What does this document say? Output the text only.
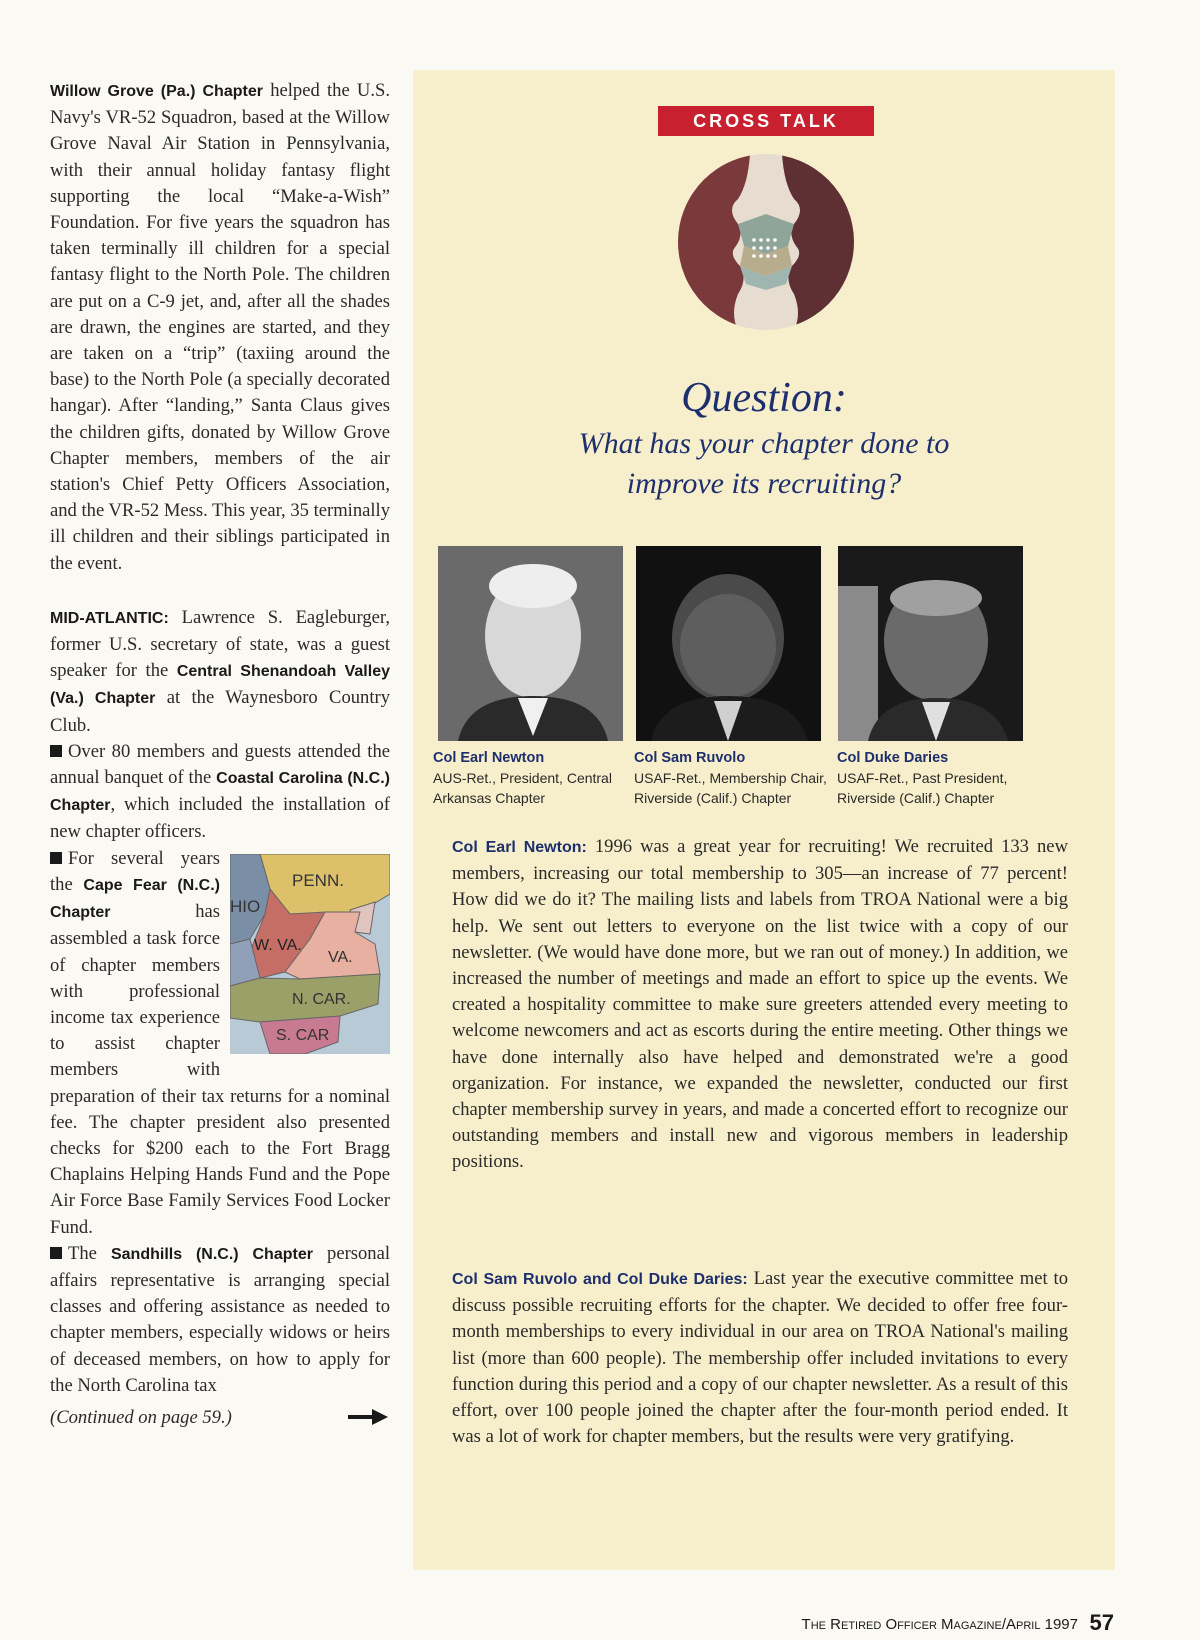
Willow Grove (Pa.) Chapter helped the U.S. Navy's VR-52 Squadron, based at the Willow Grove Naval Air Station in Pennsylvania, with their annual holiday fantasy flight supporting the local “Make-a-Wish” Foundation. For five years the squadron has taken terminally ill children for a special fantasy flight to the North Pole. The children are put on a C-9 jet, and, after all the shades are drawn, the engines are started, and they are taken on a “trip” (taxiing around the base) to the North Pole (a specially decorated hangar). After “landing,” Santa Claus gives the children gifts, donated by Willow Grove Chapter members, members of the air station's Chief Petty Officers Association, and the VR-52 Mess. This year, 35 terminally ill children and their siblings participated in the event.

MID-ATLANTIC: Lawrence S. Eagleburger, former U.S. secretary of state, was a guest speaker for the Central Shenandoah Valley (Va.) Chapter at the Waynesboro Country Club.

Over 80 members and guests attended the annual banquet of the Coastal Carolina (N.C.) Chapter, which included the installation of new chapter officers.

PENN.
HIO
W. VA.
VA.
N. CAR.
S. CAR
For several years the Cape Fear (N.C.) Chapter has assembled a task force of chapter members with professional income tax experience to assist chapter members with preparation of their tax returns for a nominal fee. The chapter president also presented checks for $200 each to the Fort Bragg Chaplains Helping Hands Fund and the Pope Air Force Base Family Services Food Locker Fund.

The Sandhills (N.C.) Chapter personal affairs representative is arranging special classes and offering assistance as needed to chapter members, especially widows or heirs of deceased members, on how to apply for the North Carolina tax

(Continued on page 59.)

CROSS TALK
Question:
What has your chapter done to
improve its recruiting?
Col Earl Newton
AUS-Ret., President, Central
Arkansas Chapter
Col Sam Ruvolo
USAF-Ret., Membership Chair,
Riverside (Calif.) Chapter
Col Duke Daries
USAF-Ret., Past President,
Riverside (Calif.) Chapter

Col Earl Newton: 1996 was a great year for recruiting! We recruited 133 new members, increasing our total membership to 305—an increase of 77 percent! How did we do it? The mailing lists and labels from TROA National were a big help. We sent out letters to everyone on the list twice with a copy of our newsletter. (We would have done more, but we ran out of money.) In addition, we increased the number of meetings and made an effort to spice up the events. We created a hospitality committee to make sure greeters attended every meeting to welcome newcomers and act as escorts during the entire meeting. Other things we have done internally also have helped and demonstrated we're a good organization. For instance, we expanded the newsletter, conducted our first chapter membership survey in years, and made a concerted effort to recognize our outstanding members and install new and vigorous members in leadership positions.

Col Sam Ruvolo and Col Duke Daries: Last year the executive committee met to discuss possible recruiting efforts for the chapter. We decided to offer free four-month memberships to every individual in our area on TROA National's mailing list (more than 600 people). The membership offer included invitations to every function during this period and a copy of our chapter newsletter. As a result of this effort, over 100 people joined the chapter after the four-month period ended. It was a lot of work for chapter members, but the results were very gratifying.

The Retired Officer Magazine/April 1997 57
